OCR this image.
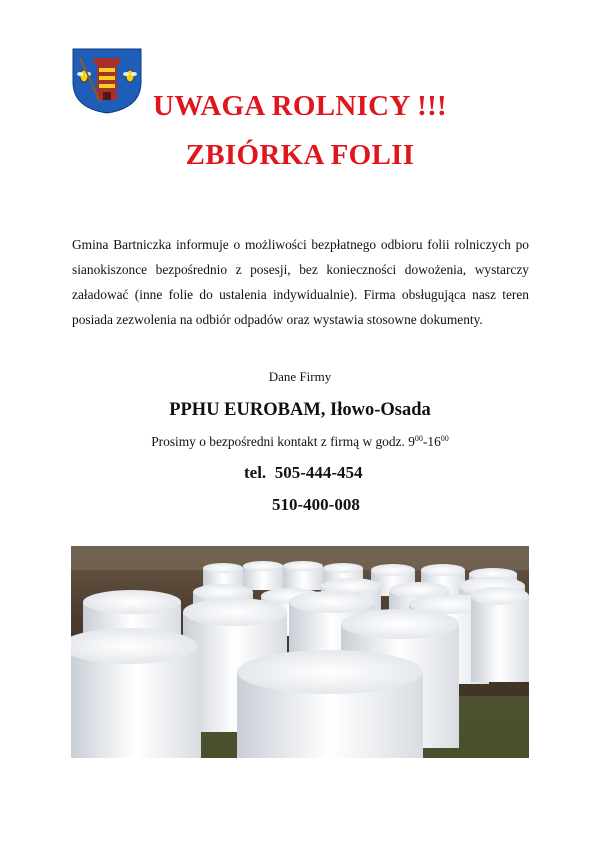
UWAGA ROLNICY !!!
ZBIÓRKA FOLII
Gmina Bartniczka informuje o możliwości bezpłatnego odbioru folii rolniczych po sianokiszonce bezpośrednio z posesji, bez konieczności dowożenia, wystarczy załadować (inne folie do ustalenia indywidualnie). Firma obsługująca nasz teren posiada zezwolenia na odbiór odpadów oraz wystawia stosowne dokumenty.
Dane Firmy
PPHU EUROBAM, Iłowo-Osada
Prosimy o bezpośredni kontakt z firmą w godz. $9^{00}-16^{00}$
tel. 505-444-454
510-400-008
